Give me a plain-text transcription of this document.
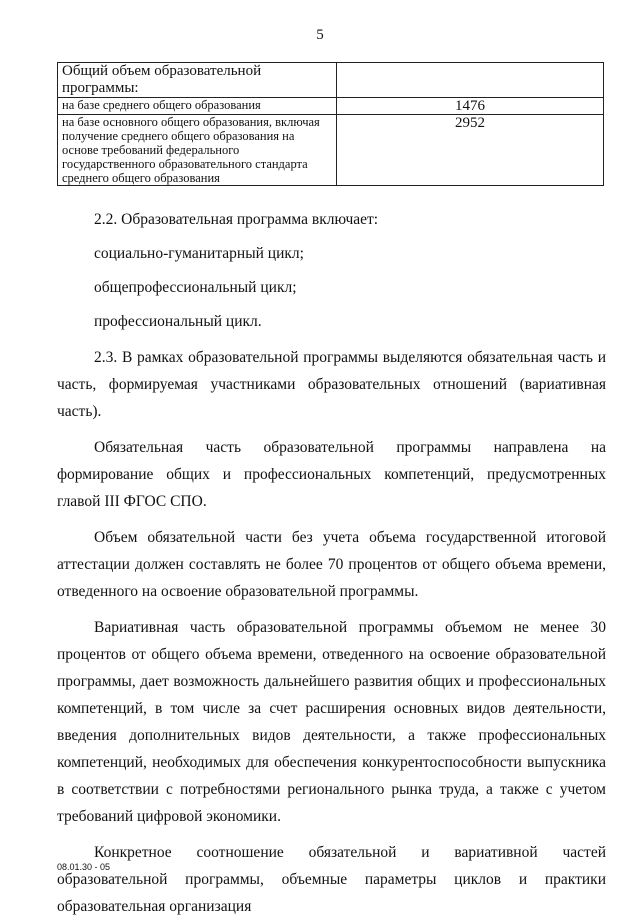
5
Общий объем образовательной программы:	
на базе среднего общего образования	1476
на базе основного общего образования, включая получение среднего общего образования на основе требований федерального государственного образовательного стандарта среднего общего образования	2952

2.2. Образовательная программа включает:

социально-гуманитарный цикл;

общепрофессиональный цикл;

профессиональный цикл.

2.3. В рамках образовательной программы выделяются обязательная часть и часть, формируемая участниками образовательных отношений (вариативная часть).

Обязательная часть образовательной программы направлена на формирование общих и профессиональных компетенций, предусмотренных главой III ФГОС СПО.

Объем обязательной части без учета объема государственной итоговой аттестации должен составлять не более 70 процентов от общего объема времени, отведенного на освоение образовательной программы.

Вариативная часть образовательной программы объемом не менее 30 процентов от общего объема времени, отведенного на освоение образовательной программы, дает возможность дальнейшего развития общих и профессиональных компетенций, в том числе за счет расширения основных видов деятельности, введения дополнительных видов деятельности, а также профессиональных компетенций, необходимых для обеспечения конкурентоспособности выпускника в соответствии с потребностями регионального рынка труда, а также с учетом требований цифровой экономики.

Конкретное соотношение обязательной и вариативной частей образовательной программы, объемные параметры циклов и практики образовательная организация

08.01.30 - 05
